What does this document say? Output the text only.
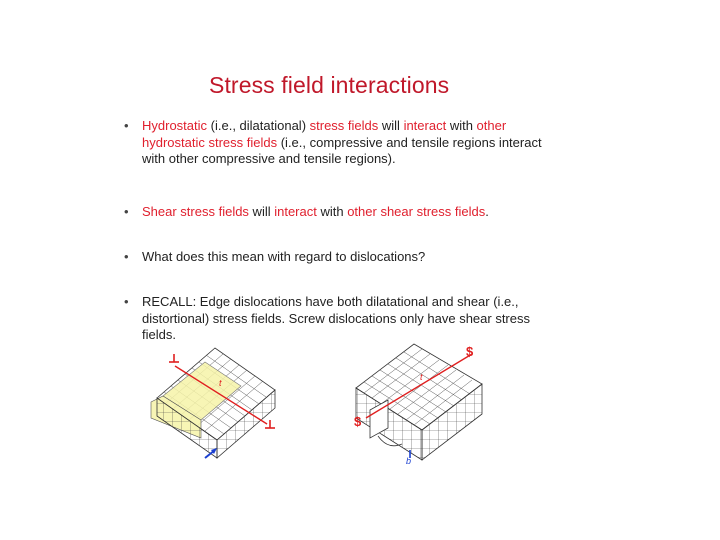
Stress field interactions
• Hydrostatic (i.e., dilatational) stress fields will interact with other hydrostatic stress fields (i.e., compressive and tensile regions interact with other compressive and tensile regions).
• Shear stress fields will interact with other shear stress fields.
• What does this mean with regard to dislocations?
• RECALL: Edge dislocations have both dilatational and shear (i.e., distortional) stress fields. Screw dislocations only have shear stress fields.
t
t
$
$
b
